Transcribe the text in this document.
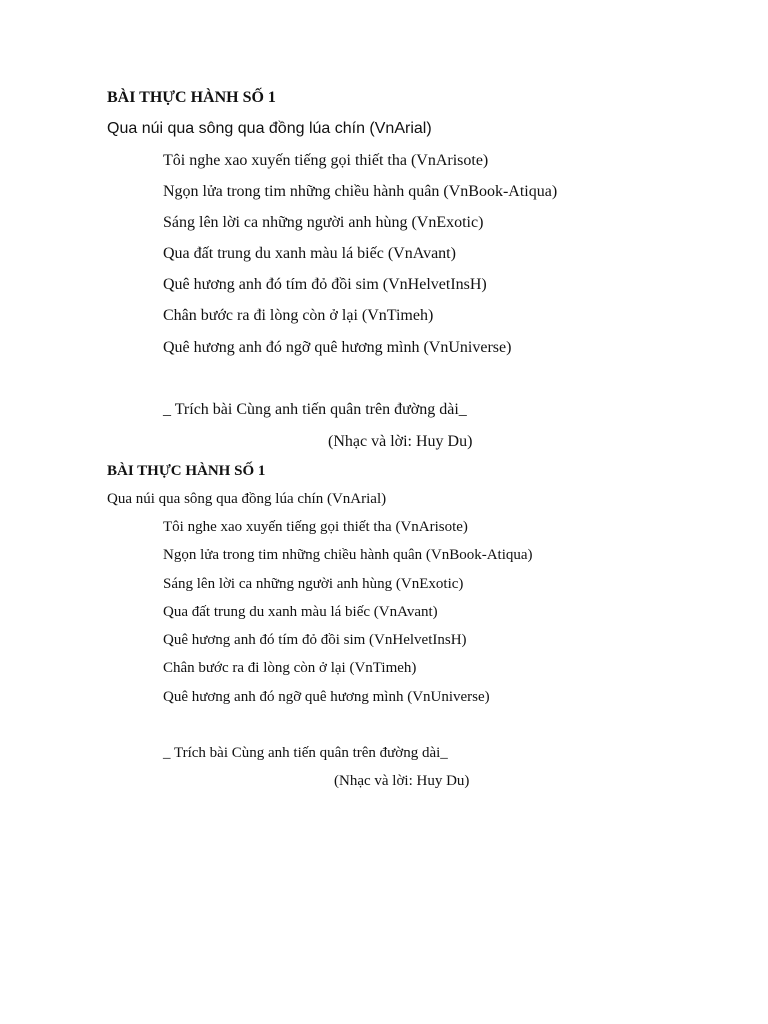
BÀI THỰC HÀNH SỐ 1
Qua núi qua sông qua đồng lúa chín (VnArial)
Tôi nghe xao xuyến tiếng gọi thiết tha (VnArisote)
Ngọn lửa trong tim những chiều hành quân (VnBook-Atiqua)
Sáng lên lời ca những người anh hùng (VnExotic)
Qua đất trung du xanh màu lá biếc (VnAvant)
Quê hương anh đó tím đỏ đồi sim (VnHelvetInsH)
Chân bước ra đi lòng còn ở lại (VnTimeh)
Quê hương anh đó ngỡ quê hương mình (VnUniverse)
_ Trích bài Cùng anh tiến quân trên đường dài_
(Nhạc và lời: Huy Du)
BÀI THỰC HÀNH SỐ 1
Qua núi qua sông qua đồng lúa chín (VnArial)
Tôi nghe xao xuyến tiếng gọi thiết tha (VnArisote)
Ngọn lửa trong tim những chiều hành quân (VnBook-Atiqua)
Sáng lên lời ca những người anh hùng (VnExotic)
Qua đất trung du xanh màu lá biếc (VnAvant)
Quê hương anh đó tím đỏ đồi sim (VnHelvetInsH)
Chân bước ra đi lòng còn ở lại (VnTimeh)
Quê hương anh đó ngỡ quê hương mình (VnUniverse)
_ Trích bài Cùng anh tiến quân trên đường dài_
(Nhạc và lời: Huy Du)
